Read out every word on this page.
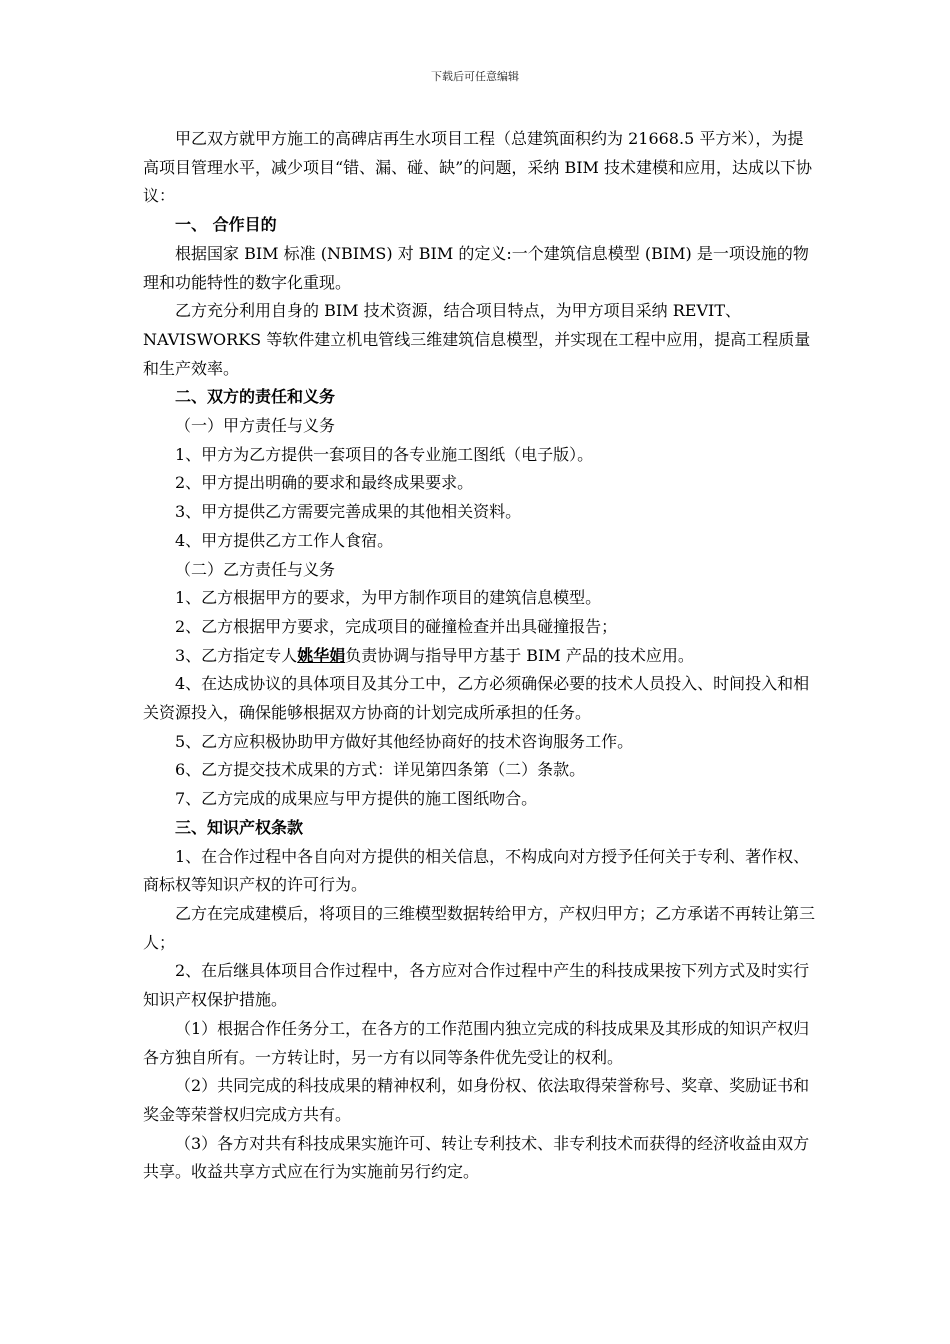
下载后可任意编辑

甲乙双方就甲方施工的高碑店再生水项目工程（总建筑面积约为 21668.5 平方米），为提高项目管理水平，减少项目“错、漏、碰、缺”的问题，采纳 BIM 技术建模和应用，达成以下协议：

一、 合作目的

根据国家 BIM 标准 (NBIMS) 对 BIM 的定义:一个建筑信息模型 (BIM) 是一项设施的物理和功能特性的数字化重现。

乙方充分利用自身的 BIM 技术资源，结合项目特点，为甲方项目采纳 REVIT、NAVISWORKS 等软件建立机电管线三维建筑信息模型，并实现在工程中应用，提高工程质量和生产效率。

二、双方的责任和义务

（一）甲方责任与义务

1、甲方为乙方提供一套项目的各专业施工图纸（电子版）。

2、甲方提出明确的要求和最终成果要求。

3、甲方提供乙方需要完善成果的其他相关资料。

4、甲方提供乙方工作人食宿。

（二）乙方责任与义务

1、乙方根据甲方的要求，为甲方制作项目的建筑信息模型。

2、乙方根据甲方要求，完成项目的碰撞检查并出具碰撞报告；

3、乙方指定专人姚华娟负责协调与指导甲方基于 BIM 产品的技术应用。

4、在达成协议的具体项目及其分工中，乙方必须确保必要的技术人员投入、时间投入和相关资源投入，确保能够根据双方协商的计划完成所承担的任务。

5、乙方应积极协助甲方做好其他经协商好的技术咨询服务工作。

6、乙方提交技术成果的方式：详见第四条第（二）条款。

7、乙方完成的成果应与甲方提供的施工图纸吻合。

三、知识产权条款

1、在合作过程中各自向对方提供的相关信息，不构成向对方授予任何关于专利、著作权、商标权等知识产权的许可行为。

乙方在完成建模后，将项目的三维模型数据转给甲方，产权归甲方；乙方承诺不再转让第三人；

2、在后继具体项目合作过程中，各方应对合作过程中产生的科技成果按下列方式及时实行知识产权保护措施。

（1）根据合作任务分工，在各方的工作范围内独立完成的科技成果及其形成的知识产权归各方独自所有。一方转让时，另一方有以同等条件优先受让的权利。

（2）共同完成的科技成果的精神权利，如身份权、依法取得荣誉称号、奖章、奖励证书和奖金等荣誉权归完成方共有。

（3）各方对共有科技成果实施许可、转让专利技术、非专利技术而获得的经济收益由双方共享。收益共享方式应在行为实施前另行约定。
